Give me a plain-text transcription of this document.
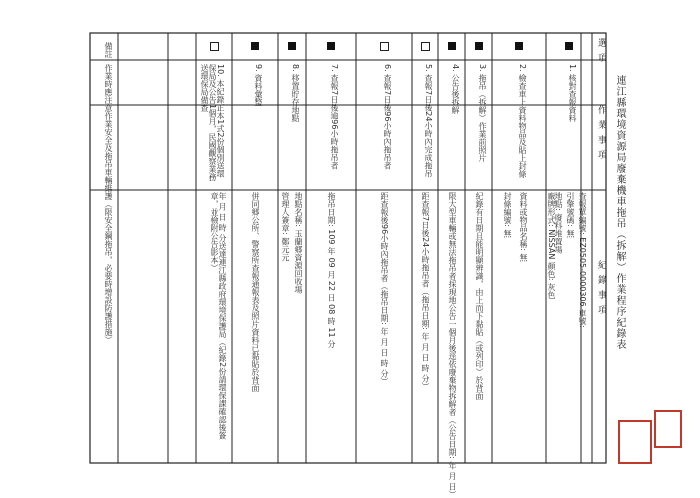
連江縣環境資源局廢棄機車拖吊（拆解）作業程序紀錄表
選項
作業事項
紀錄事項
1. 核對查報資料
查報單編號: EZ0505-0000306 車號:
引擎號碼: 無
地點: 廢料堆置場
廠牌形式: NISSAN 顏色: 灰色
2. 檢查車上資料物品及貼上封條
資料或物品名稱: 無
封條編號: 無
3. 拖吊（拆解）作業前照片
紀錄有日期且能明顯辨識，由上而下黏貼（或列印）於背面
4. 公告後拆解
限大型車輛或無法拖吊者採現地公告一個月後逕依廢棄物拆解者（公告日期: 年 月 日）
5. 查報7日後24小時內完成拖吊
距查報7日後24小時拖吊者（拖吊日期: 年 月 日 時 分）
6. 查報7日後96小時內拖吊者
距查報後96小時內拖吊者（拖吊日期: 年 月 日 時 分）
7. 查報7日後逾96小時拖吊者
拖吊日期: 109 年 09 月 22 日 08 時 11 分
8. 移置貯存地點
地點名稱: 玉蘭郷資源回收場
管理人簽章: 鄭元元
9. 資料彙整
併同郷公所、警察所查報通報表及照片資料已黏貼於背面
10. 本紀錄正本1式2份個別送環保局及公告1個月，民國觀察業務送環保局備查
年 月 日 時 分送達連江縣政府環境保護局（紀錄2份請環保課確認後簽章，並檢附公告影本）
備註
作業時應注意作業安全及拖吊車輛維護（限安全鋼拖吊，必要時增設防護措施）
